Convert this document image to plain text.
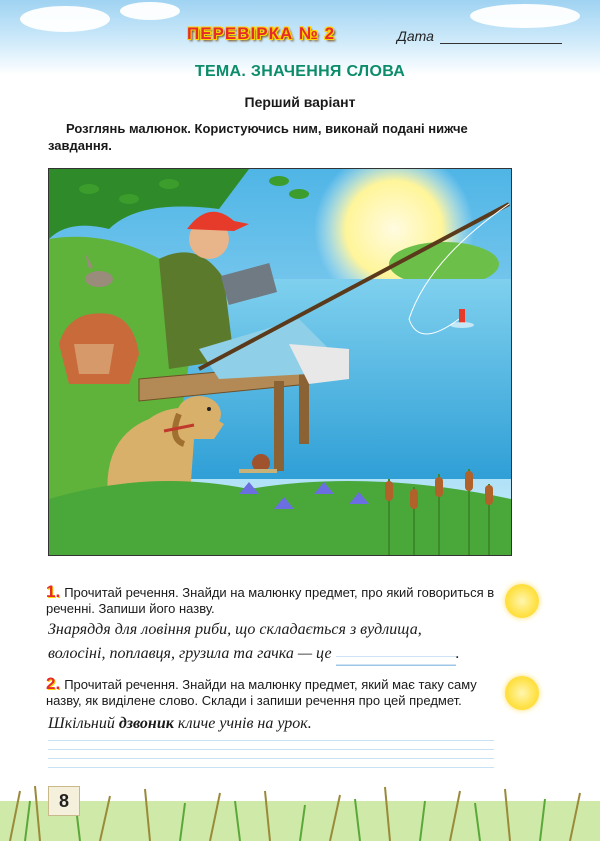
ПЕРЕВІРКА № 2	Дата
ТЕМА. ЗНАЧЕННЯ СЛОВА
Перший варіант
Розглянь малюнок. Користуючись ним, виконай подані нижче завдання.
1. Прочитай речення. Знайди на малюнку предмет, про який говориться в реченні. Запиши його назву.
Знаряддя для ловіння риби, що складається з вудлища,
волосіні, поплавця, грузила та гачка — це	.
2. Прочитай речення. Знайди на малюнку предмет, який має таку саму назву, як виділене слово. Склади і запиши речення про цей предмет.
Шкільний дзвоник кличе учнів на урок.
8
